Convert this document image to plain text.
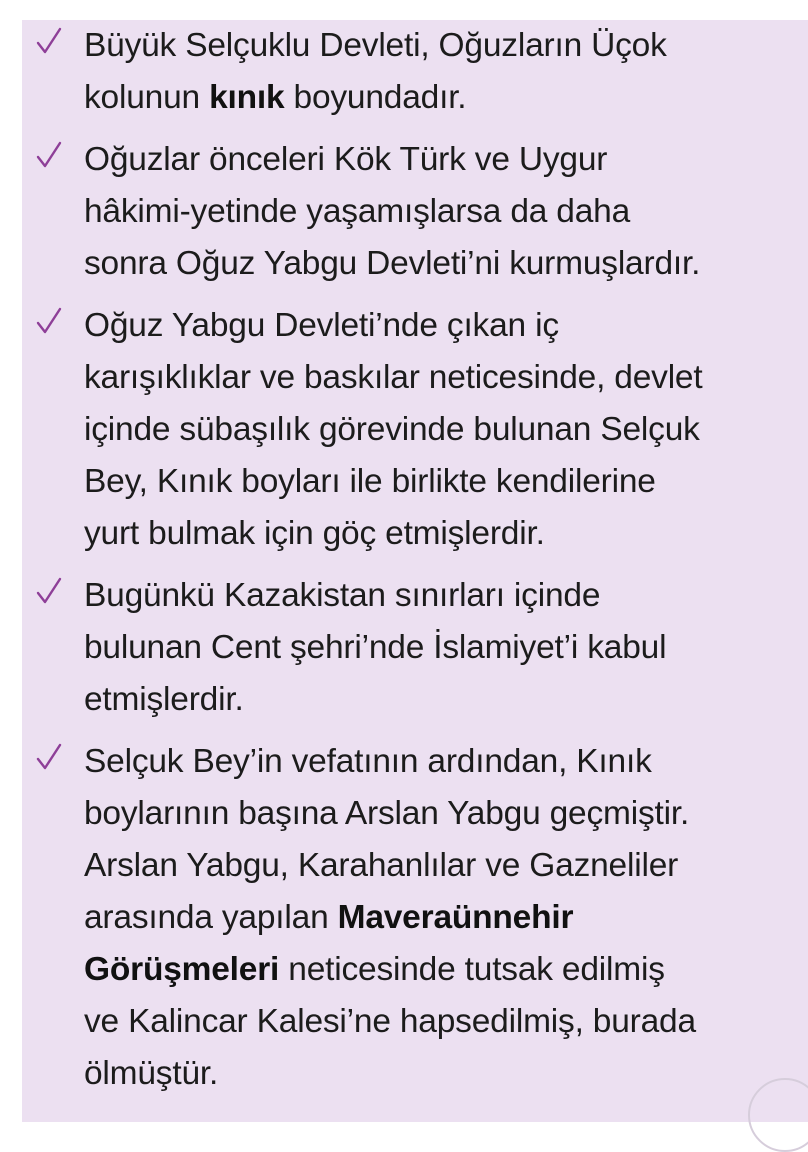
Büyük Selçuklu Devleti, Oğuzların Üçok
kolunun kınık boyundadır.
Oğuzlar önceleri Kök Türk ve Uygur
hâkimi-yetinde yaşamışlarsa da daha
sonra Oğuz Yabgu Devleti’ni kurmuşlardır.
Oğuz Yabgu Devleti’nde çıkan iç
karışıklıklar ve baskılar neticesinde, devlet
içinde sübaşılık görevinde bulunan Selçuk
Bey, Kınık boyları ile birlikte kendilerine
yurt bulmak için göç etmişlerdir.
Bugünkü Kazakistan sınırları içinde
bulunan Cent şehri’nde İslamiyet’i kabul
etmişlerdir.
Selçuk Bey’in vefatının ardından, Kınık
boylarının başına Arslan Yabgu geçmiştir.
Arslan Yabgu, Karahanlılar ve Gazneliler
arasında yapılan Maveraünnehir
Görüşmeleri neticesinde tutsak edilmiş
ve Kalincar Kalesi’ne hapsedilmiş, burada
ölmüştür.
